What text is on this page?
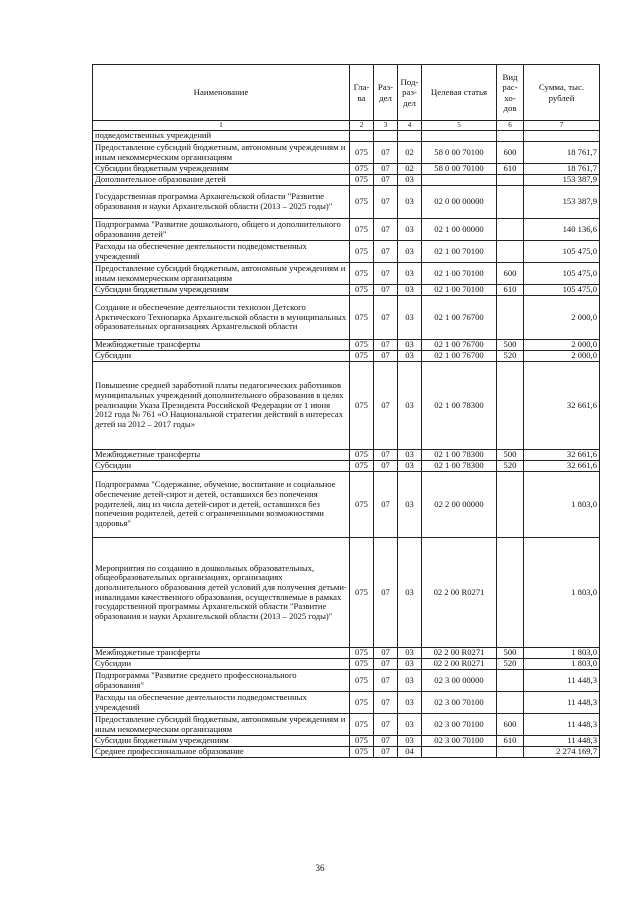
Наименование	Гла-ва	Раз-дел	Под-раз-дел	Целевая статья	Вид рас-хо-дов	Сумма, тыс. рублей
1	2	3	4	5	6	7
подведомственных учреждений						
Предоставление субсидий бюджетным, автономным учреждениям и иным некоммерческим организациям	075	07	02	58 0 00 70100	600	18 761,7
Субсидии бюджетным учреждениям	075	07	02	58 0 00 70100	610	18 761,7
Дополнительное образование детей	075	07	03			153 387,9
Государственная программа Архангельской области "Развитие образования и науки Архангельской области (2013 – 2025 годы)"	075	07	03	02 0 00 00000		153 387,9
Подпрограмма "Развитие дошкольного, общего и дополнительного образования детей"	075	07	03	02 1 00 00000		140 136,6
Расходы на обеспечение деятельности подведомственных учреждений	075	07	03	02 1 00 70100		105 475,0
Предоставление субсидий бюджетным, автономным учреждениям и иным некоммерческим организациям	075	07	03	02 1 00 70100	600	105 475,0
Субсидии бюджетным учреждениям	075	07	03	02 1 00 70100	610	105 475,0
Создание и обеспечение деятельности технозон Детского Арктического Технопарка Архангельской области в муниципальных образовательных организациях Архангельской области	075	07	03	02 1 00 76700		2 000,0
Межбюджетные трансферты	075	07	03	02 1 00 76700	500	2 000,0
Субсидии	075	07	03	02 1 00 76700	520	2 000,0
Повышение средней заработной платы педагогических работников муниципальных учреждений дополнительного образования в целях реализации Указа Президента Российской Федерации от 1 июня 2012 года № 761 «О Национальной стратегии действий в интересах детей на 2012 – 2017 годы»	075	07	03	02 1 00 78300		32 661,6
Межбюджетные трансферты	075	07	03	02 1 00 78300	500	32 661,6
Субсидии	075	07	03	02 1 00 78300	520	32 661,6
Подпрограмма "Содержание, обучение, воспитание и социальное обеспечение детей-сирот и детей, оставшихся без попечения родителей, лиц из числа детей-сирот и детей, оставшихся без попечения родителей, детей с ограниченными возможностями здоровья"	075	07	03	02 2 00 00000		1 803,0
Мероприятия по созданию в дошкольных образовательных, общеобразовательных организациях, организациях дополнительного образования детей условий для получения детьми-инвалидами качественного образования, осуществляемые в рамках государственной программы Архангельской области "Развитие образования и науки Архангельской области (2013 – 2025 годы)"	075	07	03	02 2 00 R0271		1 803,0
Межбюджетные трансферты	075	07	03	02 2 00 R0271	500	1 803,0
Субсидии	075	07	03	02 2 00 R0271	520	1 803,0
Подпрограмма "Развитие среднего профессионального образования"	075	07	03	02 3 00 00000		11 448,3
Расходы на обеспечение деятельности подведомственных учреждений	075	07	03	02 3 00 70100		11 448,3
Предоставление субсидий бюджетным, автономным учреждениям и иным некоммерческим организациям	075	07	03	02 3 00 70100	600	11 448,3
Субсидии бюджетным учреждениям	075	07	03	02 3 00 70100	610	11 448,3
Среднее профессиональное образование	075	07	04			2 274 169,7
36
